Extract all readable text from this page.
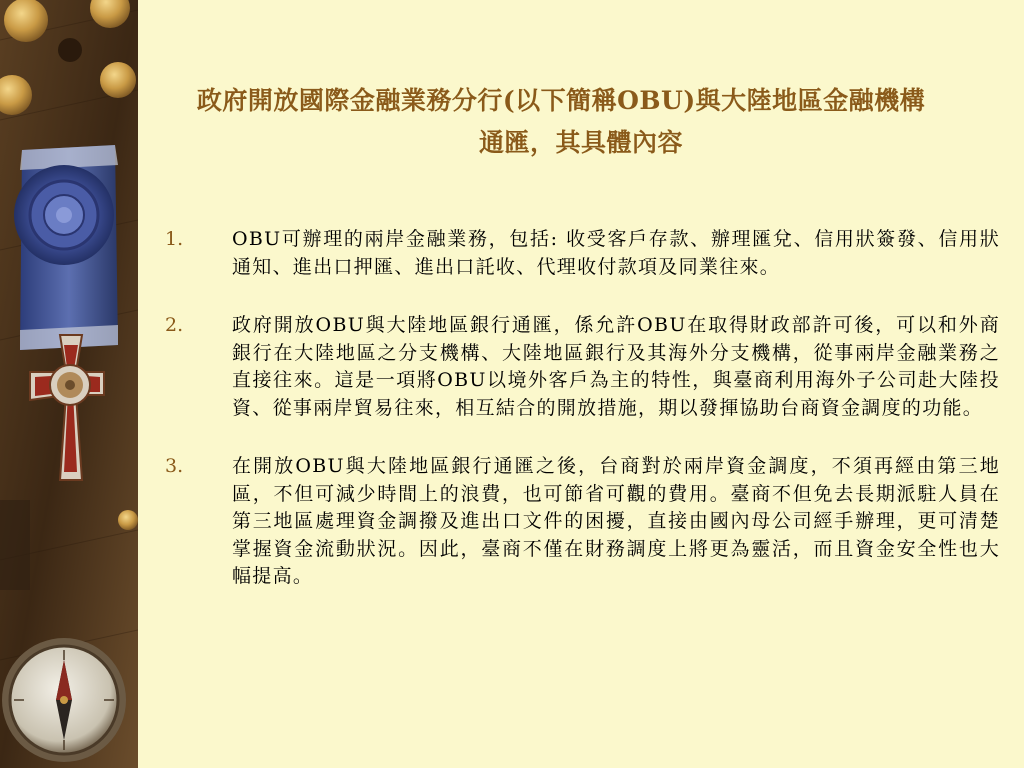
政府開放國際金融業務分行(以下簡稱OBU)與大陸地區金融機構
通匯，其具體內容
1.	OBU可辦理的兩岸金融業務，包括: 收受客戶存款、辦理匯兌、信用狀簽發、信用狀通知、進出口押匯、進出口託收、代理收付款項及同業往來。

2.	政府開放OBU與大陸地區銀行通匯，係允許OBU在取得財政部許可後，可以和外商銀行在大陸地區之分支機構、大陸地區銀行及其海外分支機構，從事兩岸金融業務之直接往來。這是一項將OBU以境外客戶為主的特性，與臺商利用海外子公司赴大陸投資、從事兩岸貿易往來，相互結合的開放措施，期以發揮協助台商資金調度的功能。

3.	在開放OBU與大陸地區銀行通匯之後，台商對於兩岸資金調度，不須再經由第三地區，不但可減少時間上的浪費，也可節省可觀的費用。臺商不但免去長期派駐人員在第三地區處理資金調撥及進出口文件的困擾，直接由國內母公司經手辦理，更可清楚掌握資金流動狀況。因此，臺商不僅在財務調度上將更為靈活，而且資金安全性也大幅提高。
